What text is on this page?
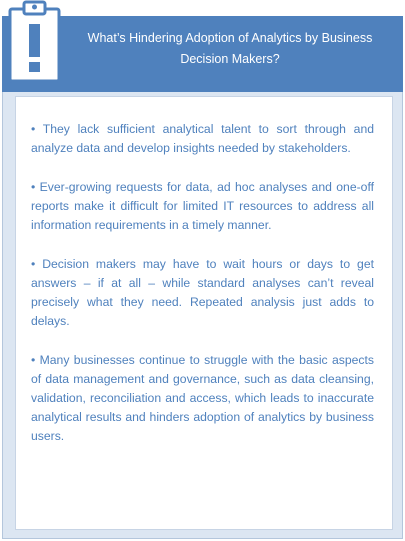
What’s Hindering Adoption of Analytics by Business Decision Makers?

• They lack sufficient analytical talent to sort through and analyze data and develop insights needed by stakeholders.

• Ever-growing requests for data, ad hoc analyses and one-off reports make it difficult for limited IT resources to address all information requirements in a timely manner.

• Decision makers may have to wait hours or days to get answers – if at all – while standard analyses can’t reveal precisely what they need. Repeated analysis just adds to delays.

• Many businesses continue to struggle with the basic aspects of data management and governance, such as data cleansing, validation, reconciliation and access, which leads to inaccurate analytical results and hinders adoption of analytics by business users.
